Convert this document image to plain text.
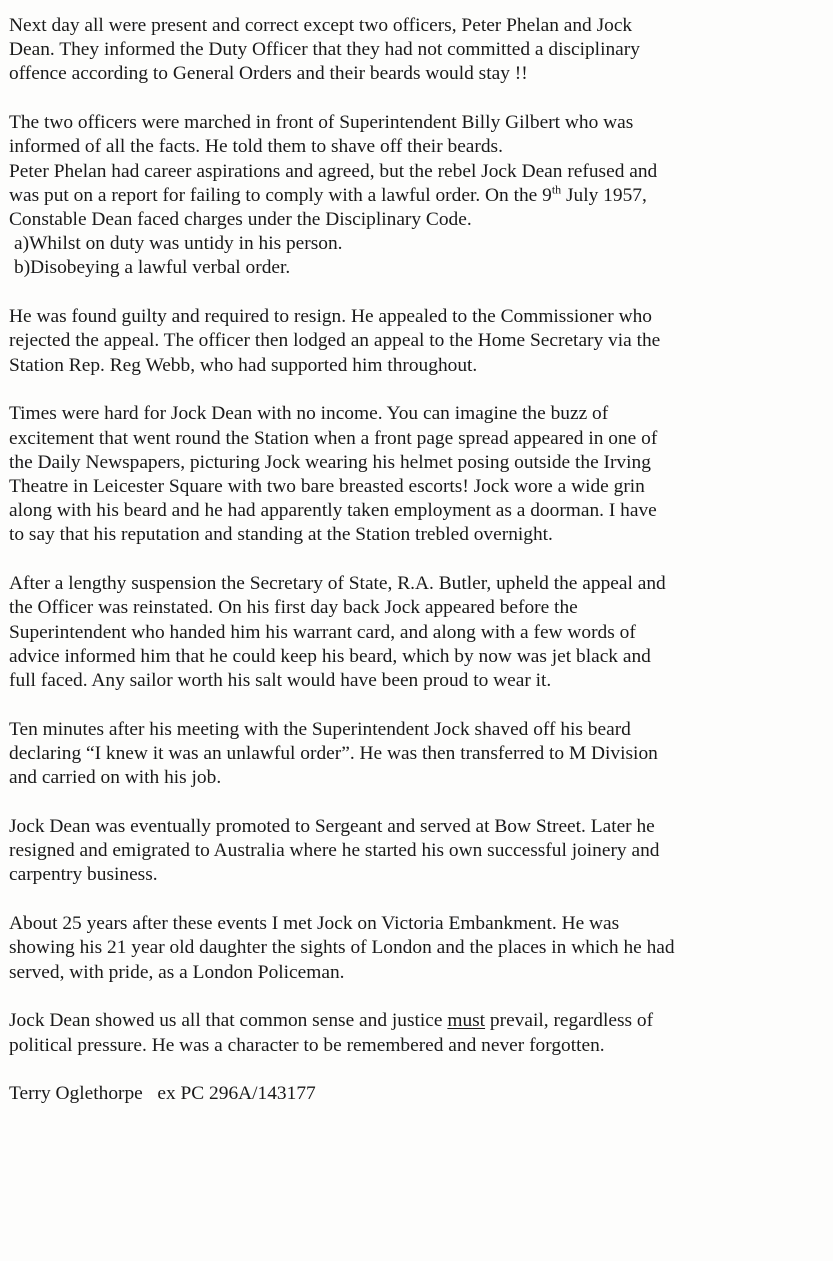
Next day all were present and correct except two officers, Peter Phelan and Jock
Dean. They informed the Duty Officer that they had not committed a disciplinary
offence according to General Orders and their beards would stay !!

The two officers were marched in front of Superintendent Billy Gilbert who was
informed of all the facts. He told them to shave off their beards.
Peter Phelan had career aspirations and agreed, but the rebel Jock Dean refused and
was put on a report for failing to comply with a lawful order. On the 9th July 1957,
Constable Dean faced charges under the Disciplinary Code.
a)Whilst on duty was untidy in his person.
b)Disobeying a lawful verbal order.

He was found guilty and required to resign. He appealed to the Commissioner who
rejected the appeal. The officer then lodged an appeal to the Home Secretary via the
Station Rep. Reg Webb, who had supported him throughout.

Times were hard for Jock Dean with no income. You can imagine the buzz of
excitement that went round the Station when a front page spread appeared in one of
the Daily Newspapers, picturing Jock wearing his helmet posing outside the Irving
Theatre in Leicester Square with two bare breasted escorts! Jock wore a wide grin
along with his beard and he had apparently taken employment as a doorman. I have
to say that his reputation and standing at the Station trebled overnight.

After a lengthy suspension the Secretary of State, R.A. Butler, upheld the appeal and
the Officer was reinstated. On his first day back Jock appeared before the
Superintendent who handed him his warrant card, and along with a few words of
advice informed him that he could keep his beard, which by now was jet black and
full faced. Any sailor worth his salt would have been proud to wear it.

Ten minutes after his meeting with the Superintendent Jock shaved off his beard
declaring “I knew it was an unlawful order”. He was then transferred to M Division
and carried on with his job.

Jock Dean was eventually promoted to Sergeant and served at Bow Street. Later he
resigned and emigrated to Australia where he started his own successful joinery and
carpentry business.

About 25 years after these events I met Jock on Victoria Embankment. He was
showing his 21 year old daughter the sights of London and the places in which he had
served, with pride, as a London Policeman.

Jock Dean showed us all that common sense and justice must prevail, regardless of
political pressure. He was a character to be remembered and never forgotten.

Terry Oglethorpe ex PC 296A/143177
